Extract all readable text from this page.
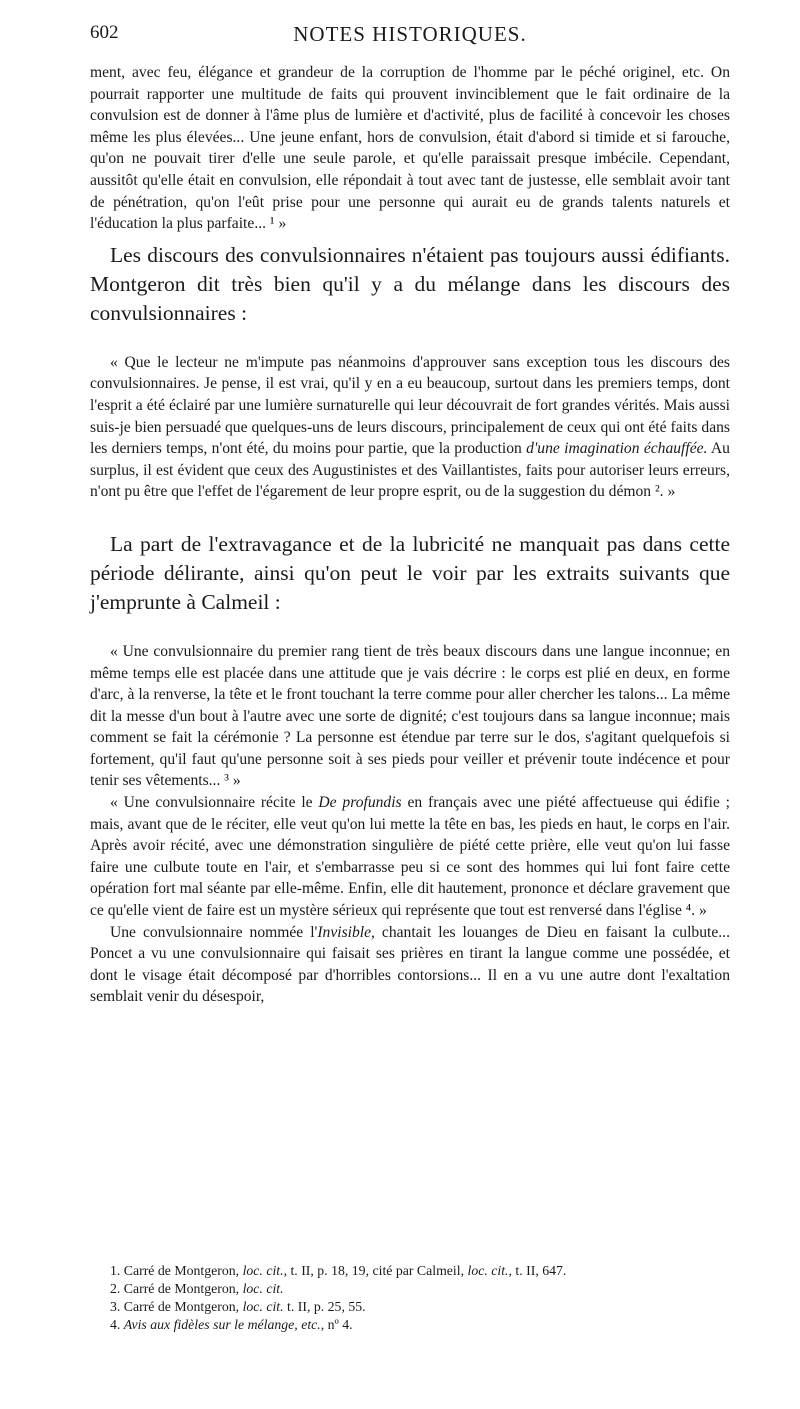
602	NOTES HISTORIQUES.

ment, avec feu, élégance et grandeur de la corruption de l'homme par le péché originel, etc. On pourrait rapporter une multitude de faits qui prouvent invinciblement que le fait ordinaire de la convulsion est de donner à l'âme plus de lumière et d'activité, plus de facilité à concevoir les choses même les plus élevées... Une jeune enfant, hors de convulsion, était d'abord si timide et si farouche, qu'on ne pouvait tirer d'elle une seule parole, et qu'elle paraissait presque imbécile. Cependant, aussitôt qu'elle était en convulsion, elle répondait à tout avec tant de justesse, elle semblait avoir tant de pénétration, qu'on l'eût prise pour une personne qui aurait eu de grands talents naturels et l'éducation la plus parfaite... ¹ »

Les discours des convulsionnaires n'étaient pas toujours aussi édifiants. Montgeron dit très bien qu'il y a du mélange dans les discours des convulsionnaires :

« Que le lecteur ne m'impute pas néanmoins d'approuver sans exception tous les discours des convulsionnaires. Je pense, il est vrai, qu'il y en a eu beaucoup, surtout dans les premiers temps, dont l'esprit a été éclairé par une lumière surnaturelle qui leur découvrait de fort grandes vérités. Mais aussi suis-je bien persuadé que quelques-uns de leurs discours, principalement de ceux qui ont été faits dans les derniers temps, n'ont été, du moins pour partie, que la production d'une imagination échauffée. Au surplus, il est évident que ceux des Augustinistes et des Vaillantistes, faits pour autoriser leurs erreurs, n'ont pu être que l'effet de l'égarement de leur propre esprit, ou de la suggestion du démon ². »

La part de l'extravagance et de la lubricité ne manquait pas dans cette période délirante, ainsi qu'on peut le voir par les extraits suivants que j'emprunte à Calmeil :

« Une convulsionnaire du premier rang tient de très beaux discours dans une langue inconnue; en même temps elle est placée dans une attitude que je vais décrire : le corps est plié en deux, en forme d'arc, à la renverse, la tête et le front touchant la terre comme pour aller chercher les talons... La même dit la messe d'un bout à l'autre avec une sorte de dignité; c'est toujours dans sa langue inconnue; mais comment se fait la cérémonie ? La personne est étendue par terre sur le dos, s'agitant quelquefois si fortement, qu'il faut qu'une personne soit à ses pieds pour veiller et prévenir toute indécence et pour tenir ses vêtements... ³ »

« Une convulsionnaire récite le De profundis en français avec une piété affectueuse qui édifie ; mais, avant que de le réciter, elle veut qu'on lui mette la tête en bas, les pieds en haut, le corps en l'air. Après avoir récité, avec une démonstration singulière de piété cette prière, elle veut qu'on lui fasse faire une culbute toute en l'air, et s'embarrasse peu si ce sont des hommes qui lui font faire cette opération fort mal séante par elle-même. Enfin, elle dit hautement, prononce et déclare gravement que ce qu'elle vient de faire est un mystère sérieux qui représente que tout est renversé dans l'église ⁴. »

Une convulsionnaire nommée l'Invisible, chantait les louanges de Dieu en faisant la culbute... Poncet a vu une convulsionnaire qui faisait ses prières en tirant la langue comme une possédée, et dont le visage était décomposé par d'horribles contorsions... Il en a vu une autre dont l'exaltation semblait venir du désespoir,

1. Carré de Montgeron, loc. cit., t. II, p. 18, 19, cité par Calmeil, loc. cit., t. II, 647.
2. Carré de Montgeron, loc. cit.
3. Carré de Montgeron, loc. cit. t. II, p. 25, 55.
4. Avis aux fidèles sur le mélange, etc., nº 4.
